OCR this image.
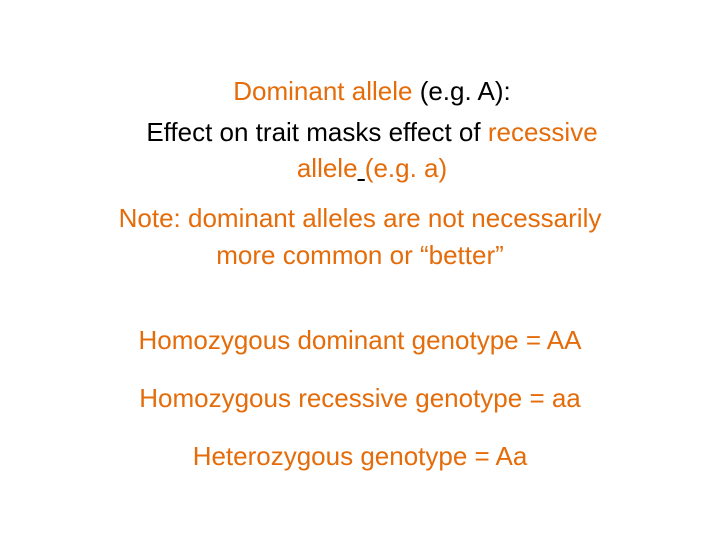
Dominant allele (e.g. A):
Effect on trait masks effect of recessive
allele (e.g. a)
Note: dominant alleles are not necessarily
more common or “better”
Homozygous dominant genotype = AA
Homozygous recessive genotype = aa
Heterozygous genotype = Aa
